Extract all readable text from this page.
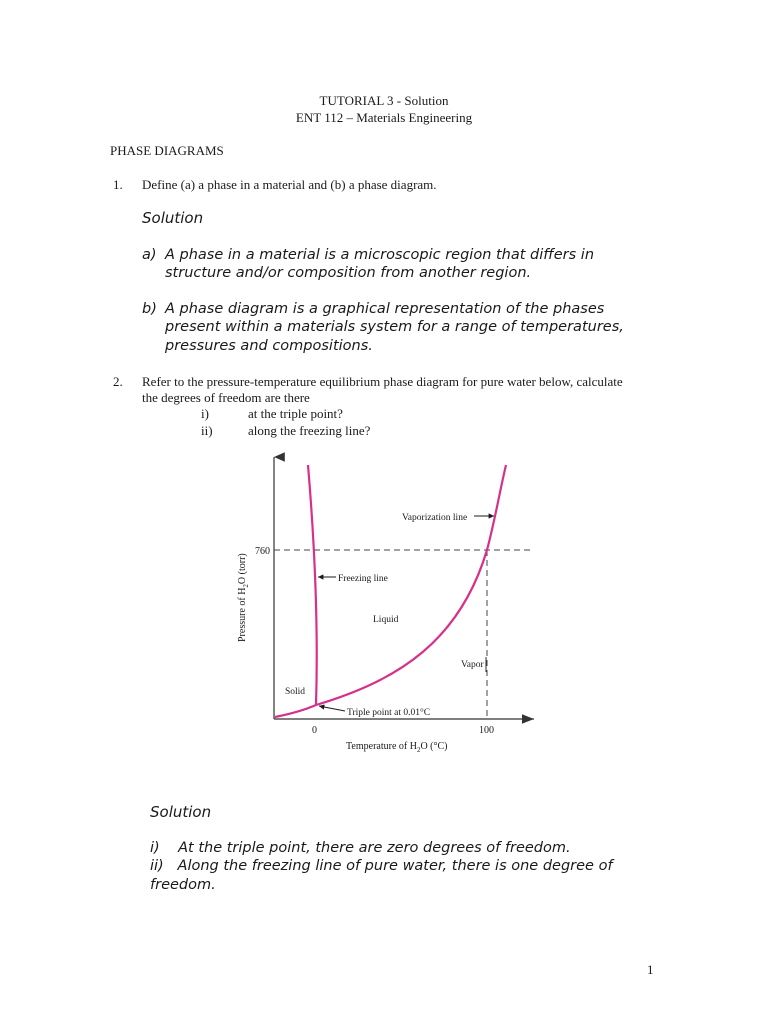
TUTORIAL 3 - Solution
ENT 112 – Materials Engineering
PHASE DIAGRAMS
1. Define (a) a phase in a material and (b) a phase diagram.
Solution
a) A phase in a material is a microscopic region that differs in
structure and/or composition from another region.
b) A phase diagram is a graphical representation of the phases
present within a materials system for a range of temperatures,
pressures and compositions.
2. Refer to the pressure-temperature equilibrium phase diagram for pure water below, calculate
the degrees of freedom are there
i)	at the triple point?
ii)	along the freezing line?
760
0	100
Vaporization line
Freezing line
Liquid
Vapor
Solid
Triple point at 0.01°C
Temperature of $H_2O$ (°C)
Pressure of $H_2O$ (torr)
Solution
i)    At the triple point, there are zero degrees of freedom.
ii)   Along the freezing line of pure water, there is one degree of
freedom.
1
